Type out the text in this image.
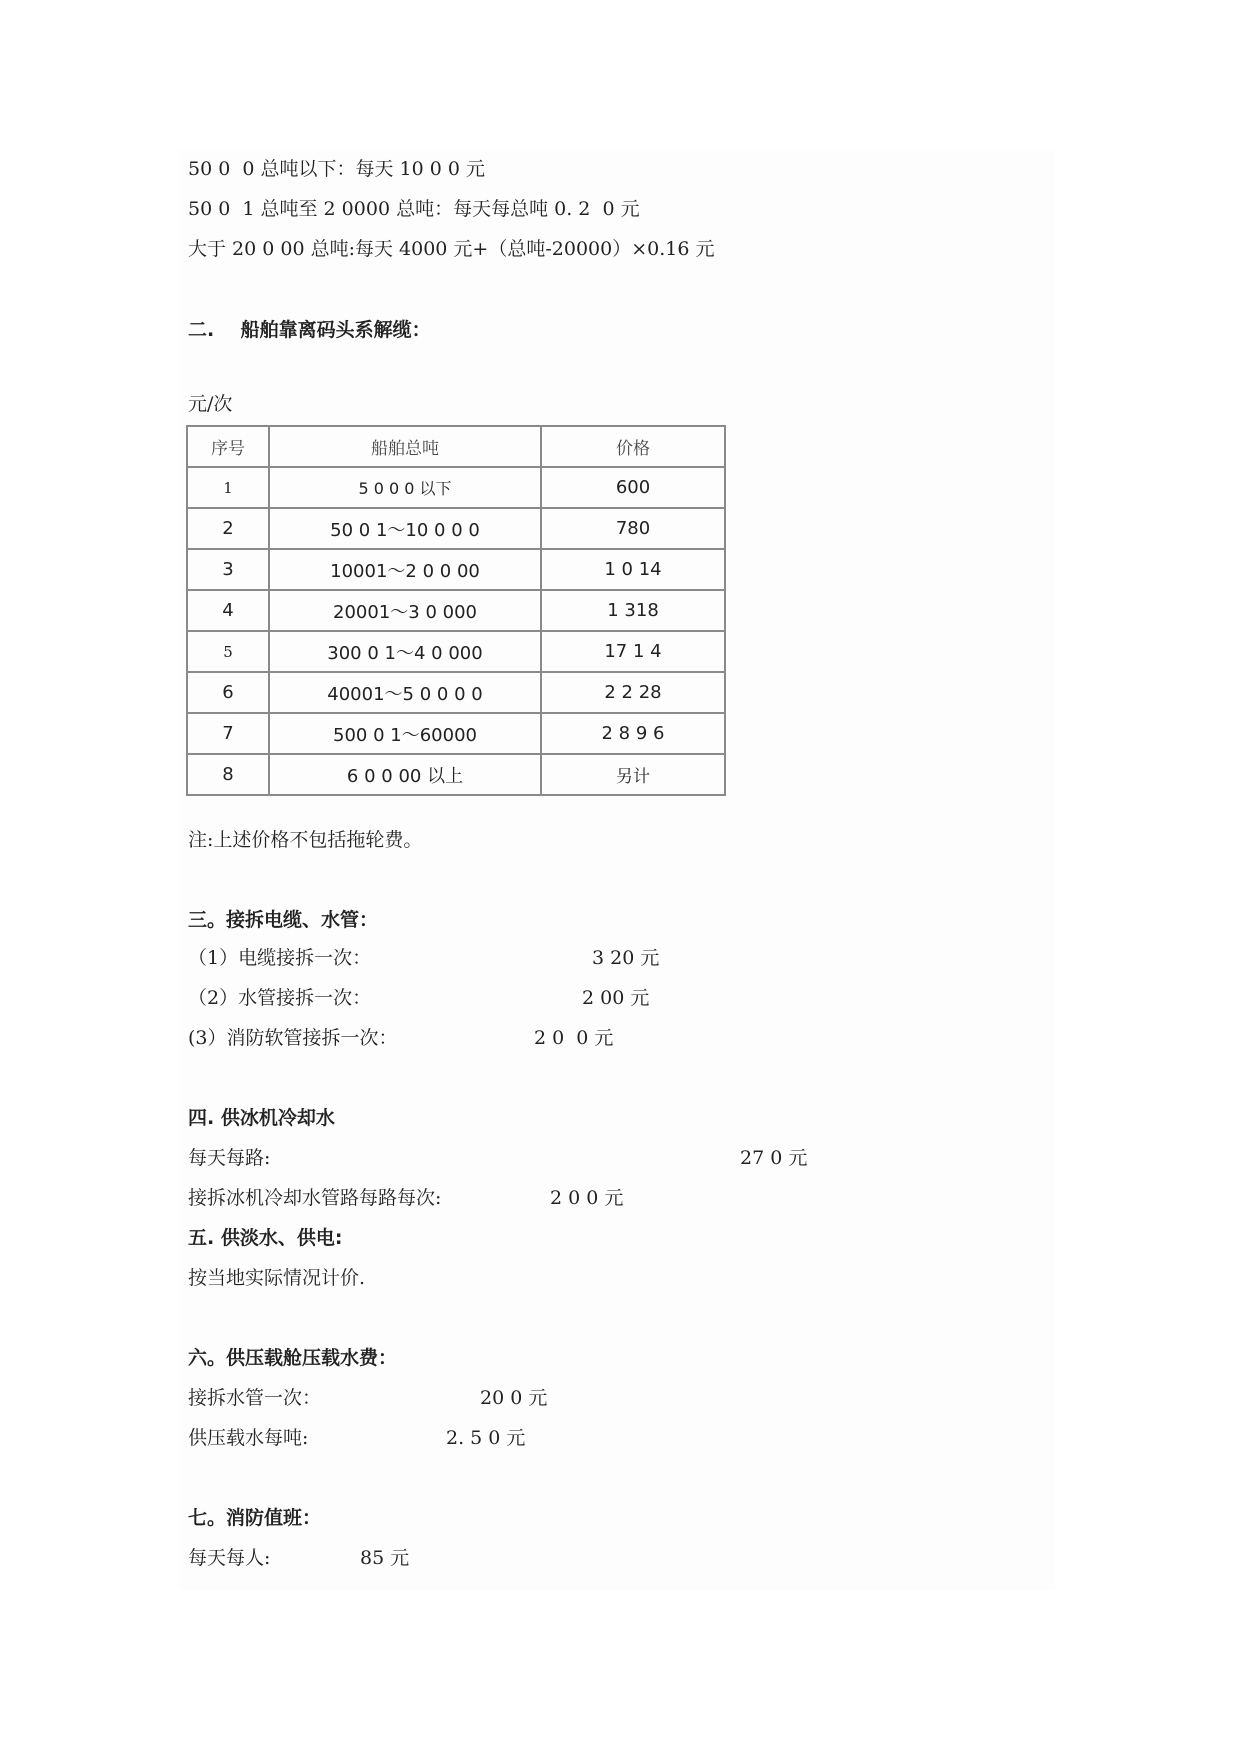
50 0  0 总吨以下：每天 10 0 0 元
50 0  1 总吨至 2 0000 总吨：每天每总吨 0. 2  0 元
大于 20 0 00 总吨:每天 4000 元+（总吨-20000）×0.16 元
二.    船舶靠离码头系解缆：
元/次
序号	船舶总吨	价格
1	5 0 0 0 以下	600
2	50 0 1～10 0 0 0	780
3	10001～2 0 0 00	1 0 14
4	20001～3 0 000	1 318
5	300 0 1～4 0 000	17 1 4
6	40001～5 0 0 0 0	2 2 28
7	500 0 1～60000	2 8 9 6
8	6 0 0 00 以上	另计
注:上述价格不包括拖轮费。
三。接拆电缆、水管：
（1）电缆接拆一次：	3 20 元
（2）水管接拆一次：	2 00 元
(3）消防软管接拆一次：	2 0  0 元
四. 供冰机冷却水
每天每路:	27 0 元
接拆冰机冷却水管路每路每次:	2 0 0 元
五. 供淡水、供电:
按当地实际情况计价.
六。供压载舱压载水费：
接拆水管一次：	20 0 元
供压载水每吨:	2. 5 0 元
七。消防值班：
每天每人:	85 元
